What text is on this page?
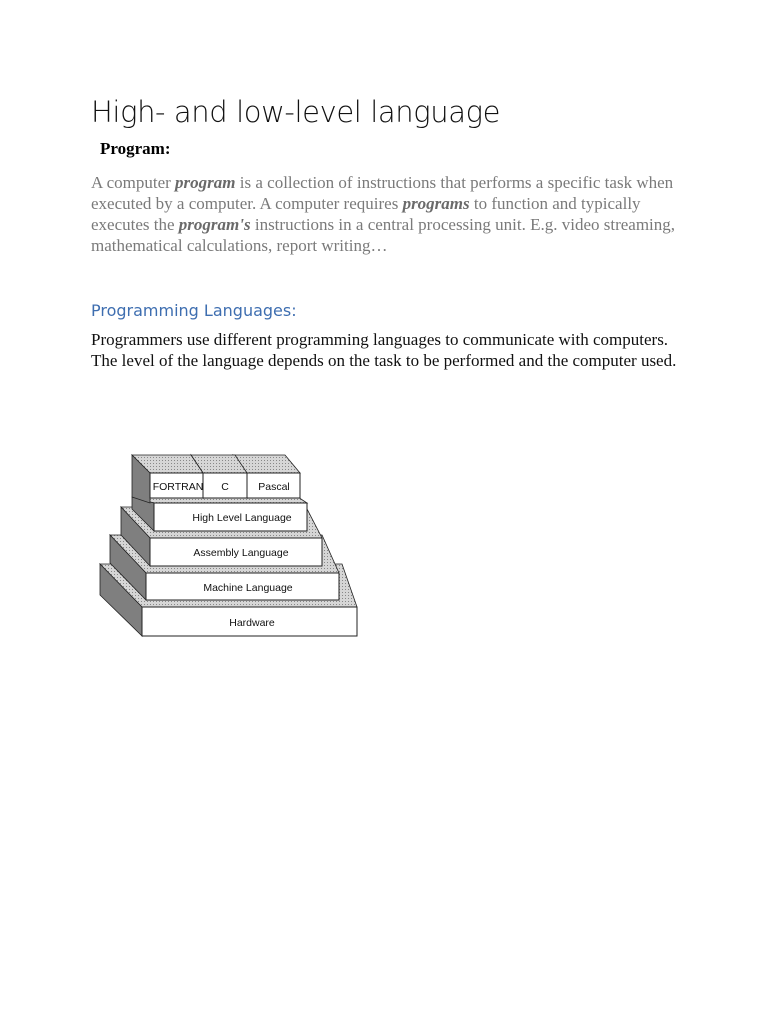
High- and low-level language
Program:

A computer program is a collection of instructions that performs a specific task when executed by a computer. A computer requires programs to function and typically executes the program's instructions in a central processing unit. E.g. video streaming, mathematical calculations, report writing…

Programming Languages:

Programmers use different programming languages to communicate with computers. The level of the language depends on the task to be performed and the computer used.

Hardware
Machine Language
Assembly Language
High Level Language
Pascal
C
FORTRAN
